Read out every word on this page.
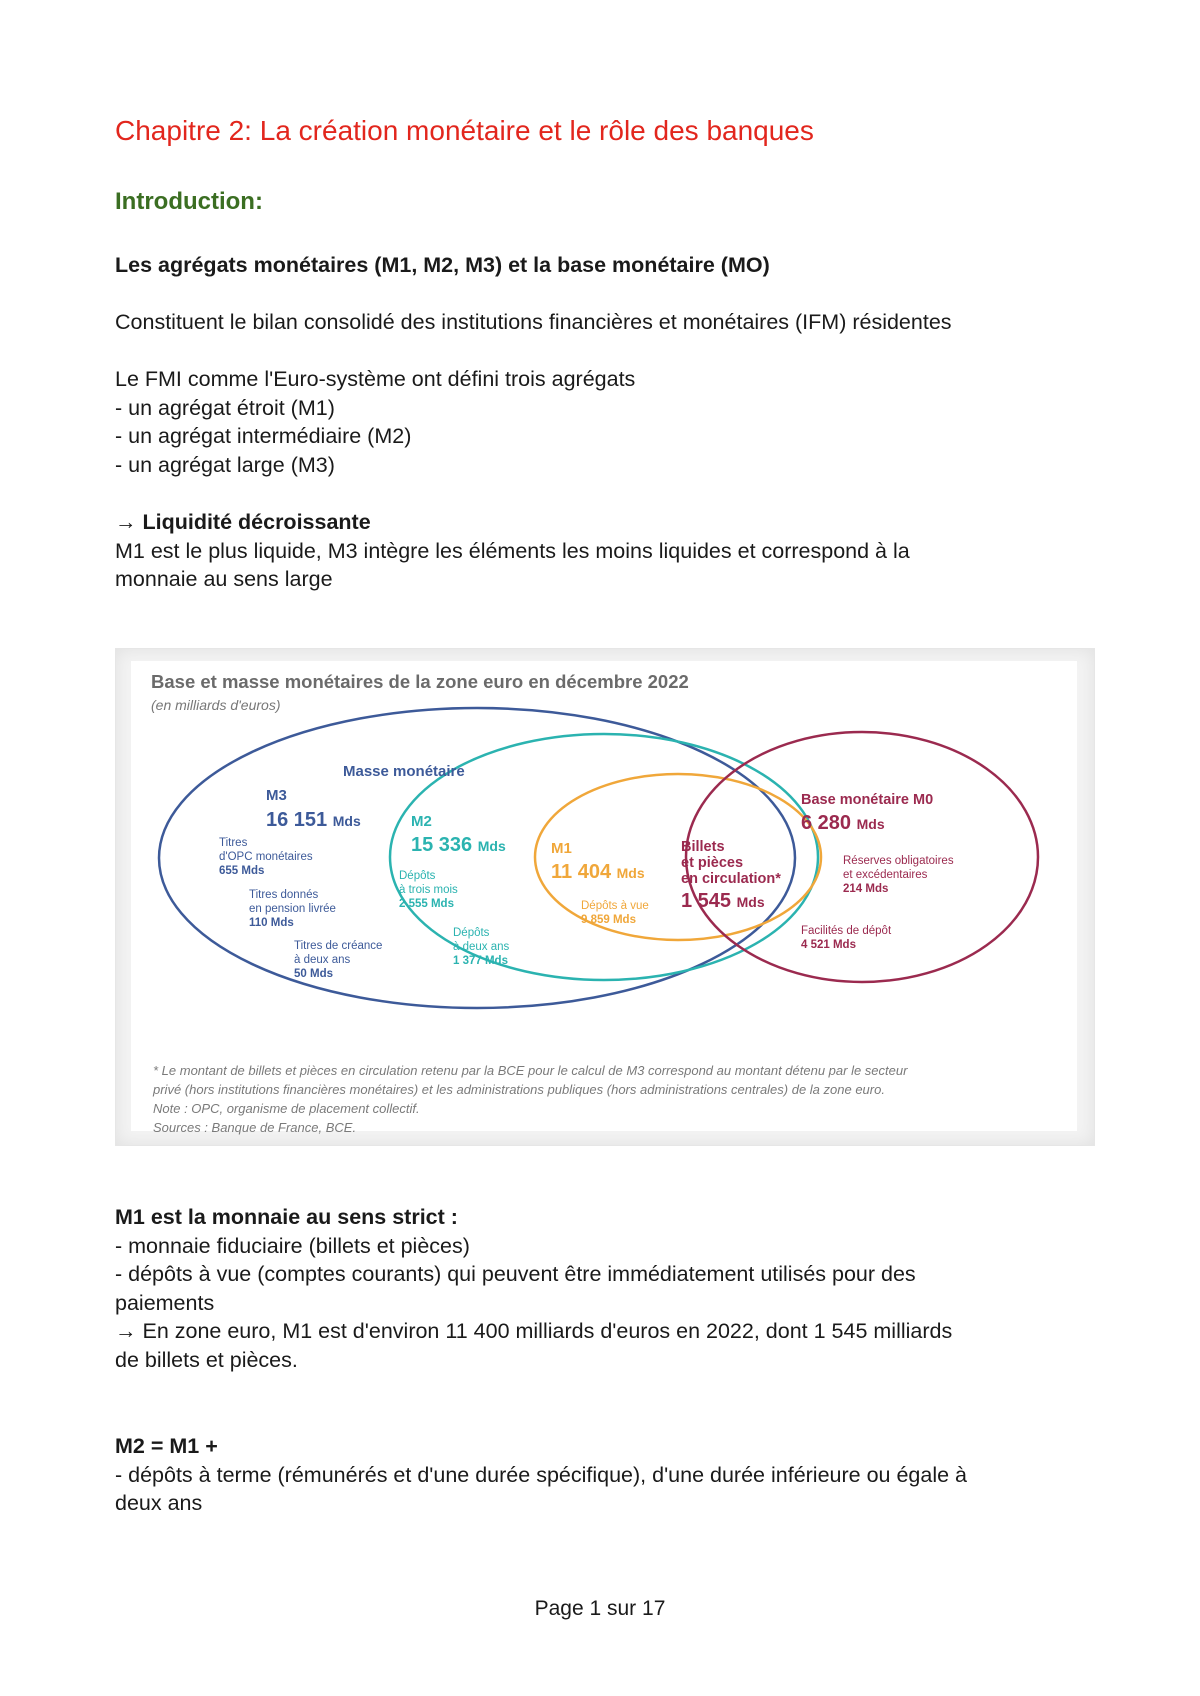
Chapitre 2: La création monétaire et le rôle des banques
Introduction:
Les agrégats monétaires (M1, M2, M3) et la base monétaire (MO)
Constituent le bilan consolidé des institutions financières et monétaires (IFM) résidentes
Le FMI comme l'Euro-système ont défini trois agrégats
- un agrégat étroit (M1)
- un agrégat intermédiaire (M2)
- un agrégat large (M3)
→ Liquidité décroissante
M1 est le plus liquide, M3 intègre les éléments les moins liquides et correspond à la
monnaie au sens large
Base et masse monétaires de la zone euro en décembre 2022
(en milliards d'euros)
Masse monétaire
M3
16 151 Mds
Titres
d'OPC monétaires
655 Mds
Titres donnés
en pension livrée
110 Mds
Titres de créance
à deux ans
50 Mds
M2
15 336 Mds
Dépôts
à trois mois
2 555 Mds
Dépôts
à deux ans
1 377 Mds
M1
11 404 Mds
Dépôts à vue
9 859 Mds
Billets
et pièces
en circulation*
1 545 Mds
Base monétaire M0
6 280 Mds
Réserves obligatoires
et excédentaires
214 Mds
Facilités de dépôt
4 521 Mds
* Le montant de billets et pièces en circulation retenu par la BCE pour le calcul de M3 correspond au montant détenu par le secteur
privé (hors institutions financières monétaires) et les administrations publiques (hors administrations centrales) de la zone euro.
Note : OPC, organisme de placement collectif.
Sources : Banque de France, BCE.
M1 est la monnaie au sens strict :
- monnaie fiduciaire (billets et pièces)
- dépôts à vue (comptes courants) qui peuvent être immédiatement utilisés pour des
paiements
→ En zone euro, M1 est d'environ 11 400 milliards d'euros en 2022, dont 1 545 milliards
de billets et pièces.
M2 = M1 +
- dépôts à terme (rémunérés et d'une durée spécifique), d'une durée inférieure ou égale à
deux ans
Page 1 sur 17
